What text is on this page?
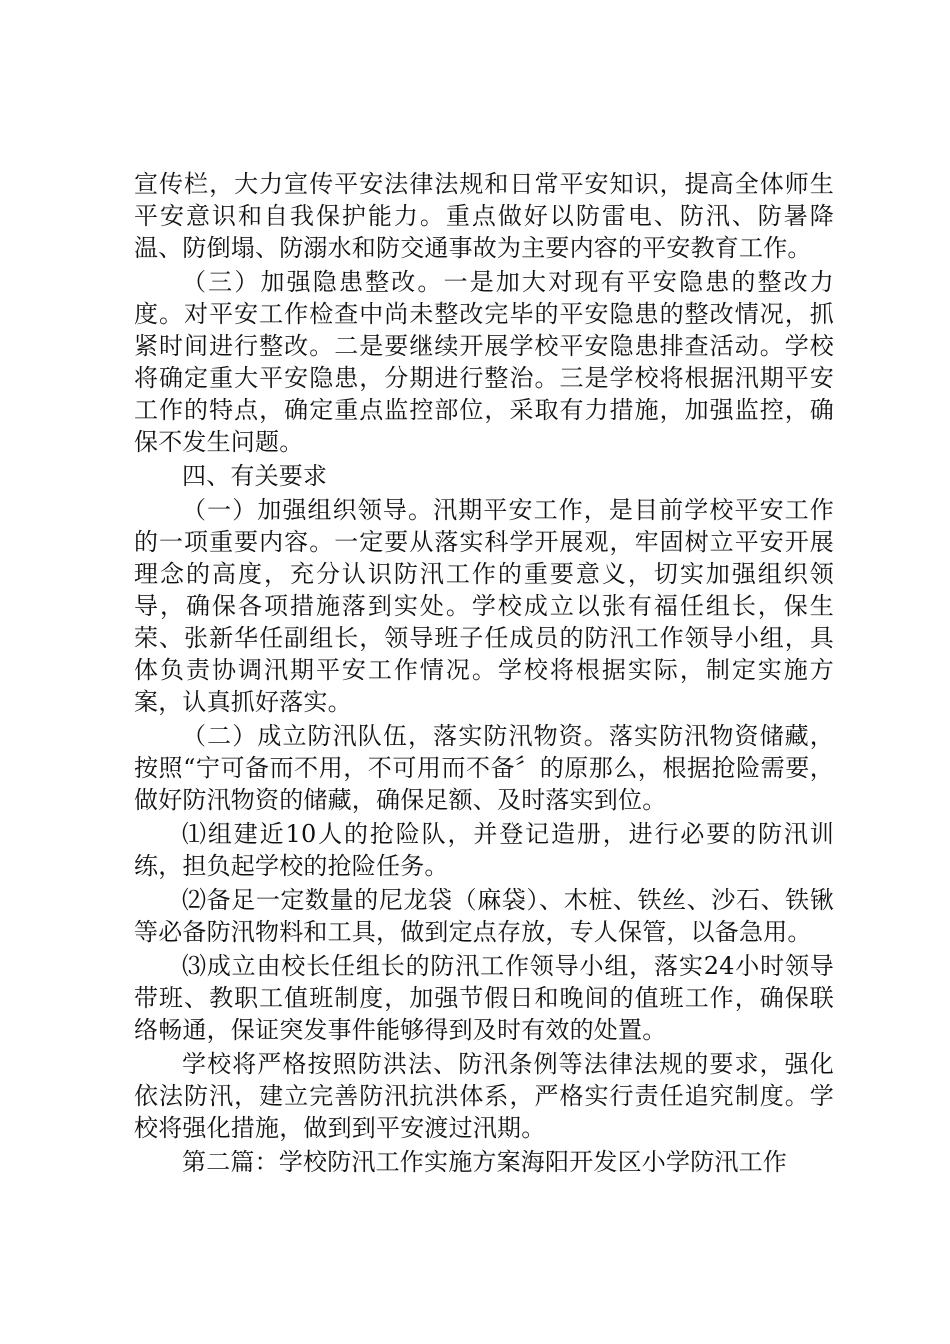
宣传栏，大力宣传平安法律法规和日常平安知识，提高全体师生平安意识和自我保护能力。重点做好以防雷电、防汛、防暑降温、防倒塌、防溺水和防交通事故为主要内容的平安教育工作。

（三）加强隐患整改。一是加大对现有平安隐患的整改力度。对平安工作检查中尚未整改完毕的平安隐患的整改情况，抓紧时间进行整改。二是要继续开展学校平安隐患排查活动。学校将确定重大平安隐患，分期进行整治。三是学校将根据汛期平安工作的特点，确定重点监控部位，采取有力措施，加强监控，确保不发生问题。

四、有关要求

（一）加强组织领导。汛期平安工作，是目前学校平安工作的一项重要内容。一定要从落实科学开展观，牢固树立平安开展理念的高度，充分认识防汛工作的重要意义，切实加强组织领导，确保各项措施落到实处。学校成立以张有福任组长，保生荣、张新华任副组长，领导班子任成员的防汛工作领导小组，具体负责协调汛期平安工作情况。学校将根据实际，制定实施方案，认真抓好落实。

（二）成立防汛队伍，落实防汛物资。落实防汛物资储藏，按照“宁可备而不用，不可用而不备〞的原那么，根据抢险需要，做好防汛物资的储藏，确保足额、及时落实到位。

⑴组建近10人的抢险队，并登记造册，进行必要的防汛训练，担负起学校的抢险任务。

⑵备足一定数量的尼龙袋（麻袋）、木桩、铁丝、沙石、铁锹等必备防汛物料和工具，做到定点存放，专人保管，以备急用。

⑶成立由校长任组长的防汛工作领导小组，落实24小时领导带班、教职工值班制度，加强节假日和晚间的值班工作，确保联络畅通，保证突发事件能够得到及时有效的处置。

学校将严格按照防洪法、防汛条例等法律法规的要求，强化依法防汛，建立完善防汛抗洪体系，严格实行责任追究制度。学校将强化措施，做到到平安渡过汛期。

第二篇：学校防汛工作实施方案海阳开发区小学防汛工作
